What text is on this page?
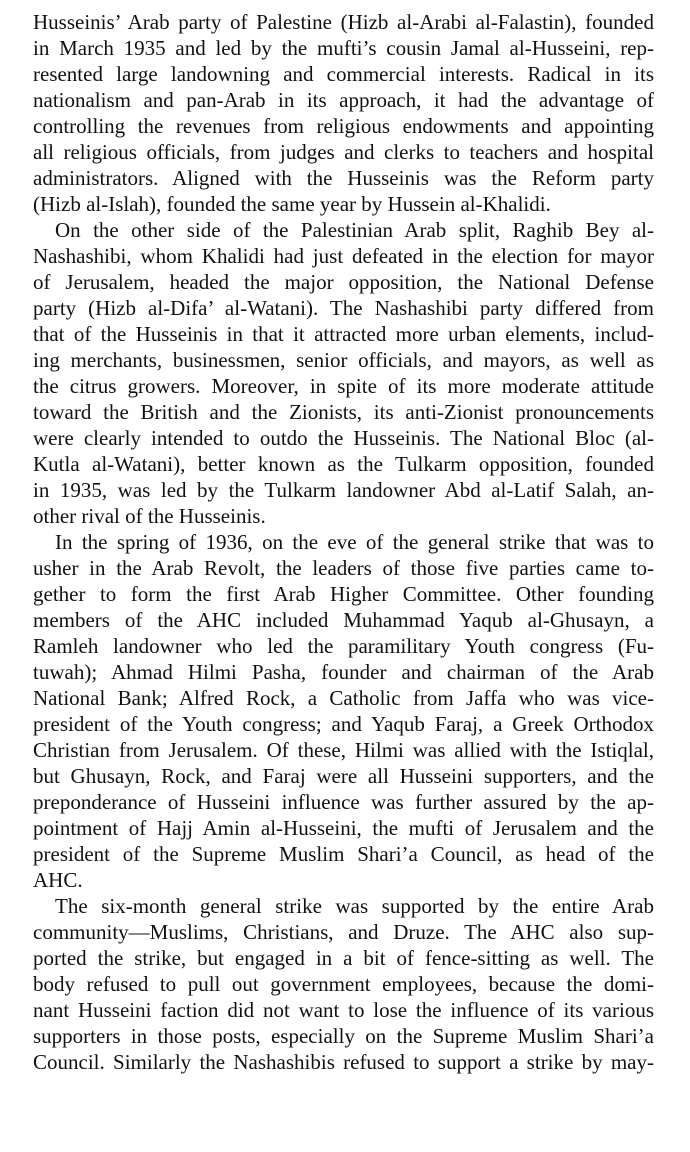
Husseinis’ Arab party of Palestine (Hizb al-Arabi al-Falastin), founded
in March 1935 and led by the mufti’s cousin Jamal al-Husseini, rep-
resented large landowning and commercial interests. Radical in its
nationalism and pan-Arab in its approach, it had the advantage of
controlling the revenues from religious endowments and appointing
all religious officials, from judges and clerks to teachers and hospital
administrators. Aligned with the Husseinis was the Reform party
(Hizb al-Islah), founded the same year by Hussein al-Khalidi.
On the other side of the Palestinian Arab split, Raghib Bey al-
Nashashibi, whom Khalidi had just defeated in the election for mayor
of Jerusalem, headed the major opposition, the National Defense
party (Hizb al-Difa’ al-Watani). The Nashashibi party differed from
that of the Husseinis in that it attracted more urban elements, includ-
ing merchants, businessmen, senior officials, and mayors, as well as
the citrus growers. Moreover, in spite of its more moderate attitude
toward the British and the Zionists, its anti-Zionist pronouncements
were clearly intended to outdo the Husseinis. The National Bloc (al-
Kutla al-Watani), better known as the Tulkarm opposition, founded
in 1935, was led by the Tulkarm landowner Abd al-Latif Salah, an-
other rival of the Husseinis.
In the spring of 1936, on the eve of the general strike that was to
usher in the Arab Revolt, the leaders of those five parties came to-
gether to form the first Arab Higher Committee. Other founding
members of the AHC included Muhammad Yaqub al-Ghusayn, a
Ramleh landowner who led the paramilitary Youth congress (Fu-
tuwah); Ahmad Hilmi Pasha, founder and chairman of the Arab
National Bank; Alfred Rock, a Catholic from Jaffa who was vice-
president of the Youth congress; and Yaqub Faraj, a Greek Orthodox
Christian from Jerusalem. Of these, Hilmi was allied with the Istiqlal,
but Ghusayn, Rock, and Faraj were all Husseini supporters, and the
preponderance of Husseini influence was further assured by the ap-
pointment of Hajj Amin al-Husseini, the mufti of Jerusalem and the
president of the Supreme Muslim Shari’a Council, as head of the
AHC.
The six-month general strike was supported by the entire Arab
community—Muslims, Christians, and Druze. The AHC also sup-
ported the strike, but engaged in a bit of fence-sitting as well. The
body refused to pull out government employees, because the domi-
nant Husseini faction did not want to lose the influence of its various
supporters in those posts, especially on the Supreme Muslim Shari’a
Council. Similarly the Nashashibis refused to support a strike by may-
